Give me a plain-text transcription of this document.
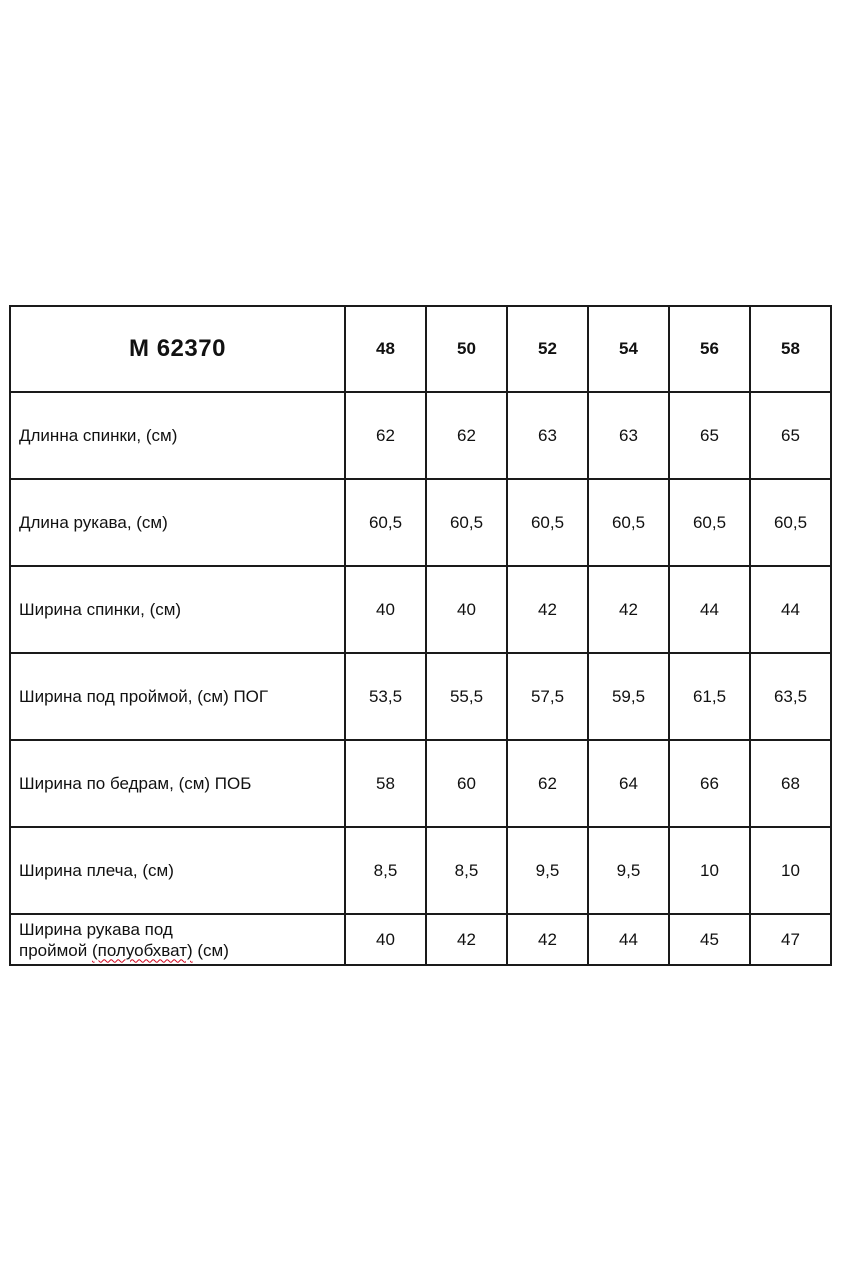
М 62370	48	50	52	54	56	58
Длинна спинки, (см)	62	62	63	63	65	65
Длина рукава, (см)	60,5	60,5	60,5	60,5	60,5	60,5
Ширина спинки, (см)	40	40	42	42	44	44
Ширина под проймой, (см) ПОГ	53,5	55,5	57,5	59,5	61,5	63,5
Ширина по бедрам, (см) ПОБ	58	60	62	64	66	68
Ширина плеча, (см)	8,5	8,5	9,5	9,5	10	10

Ширина рукава под
проймой (полуобхват) (см)	40	42	42	44	45	47
